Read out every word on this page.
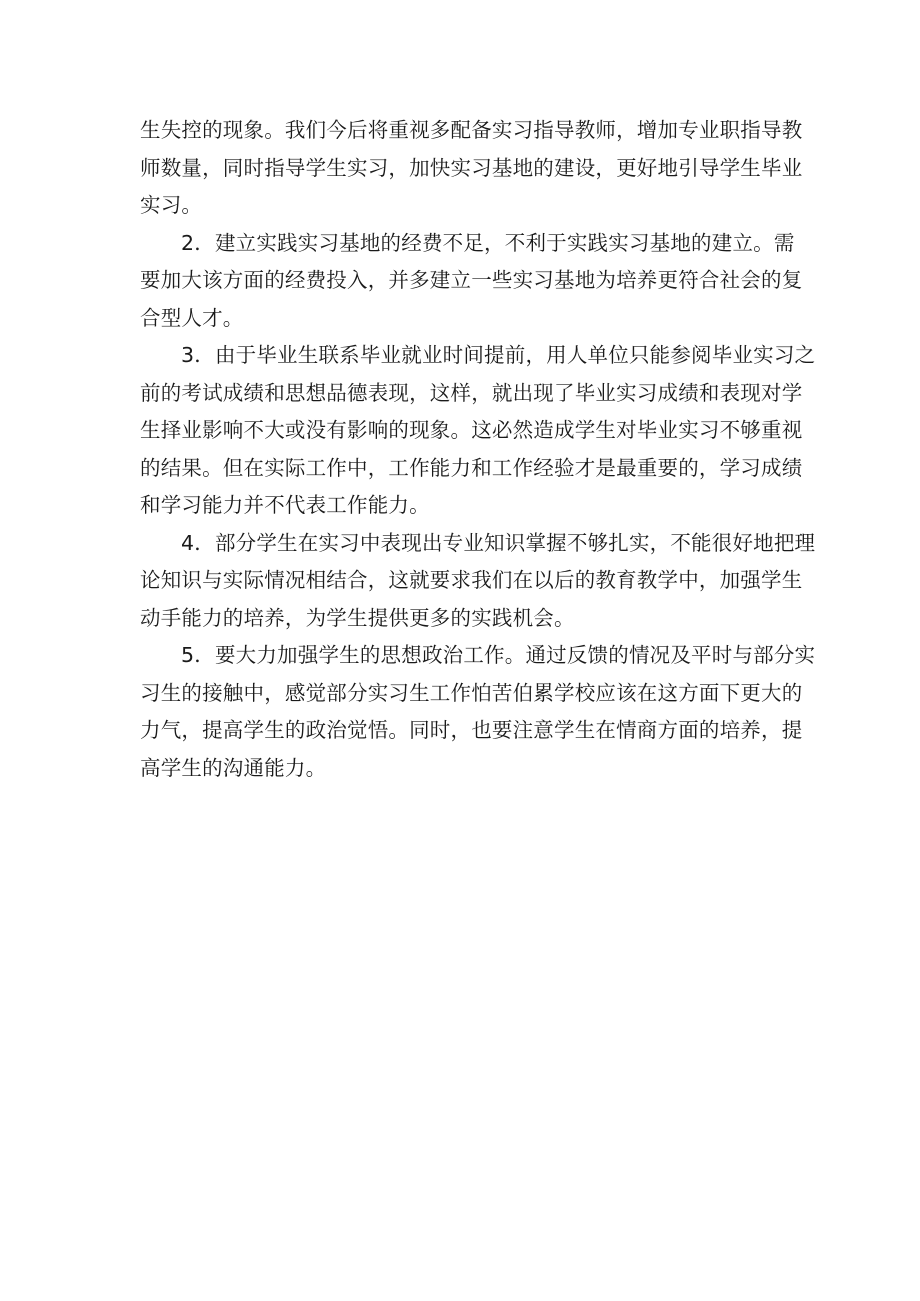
生失控的现象。我们今后将重视多配备实习指导教师，增加专业职指导教
师数量，同时指导学生实习，加快实习基地的建设，更好地引导学生毕业
实习。

2．建立实践实习基地的经费不足，不利于实践实习基地的建立。需
要加大该方面的经费投入，并多建立一些实习基地为培养更符合社会的复
合型人才。

3．由于毕业生联系毕业就业时间提前，用人单位只能参阅毕业实习之
前的考试成绩和思想品德表现，这样，就出现了毕业实习成绩和表现对学
生择业影响不大或没有影响的现象。这必然造成学生对毕业实习不够重视
的结果。但在实际工作中，工作能力和工作经验才是最重要的，学习成绩
和学习能力并不代表工作能力。

4．部分学生在实习中表现出专业知识掌握不够扎实，不能很好地把理
论知识与实际情况相结合，这就要求我们在以后的教育教学中，加强学生
动手能力的培养，为学生提供更多的实践机会。

5．要大力加强学生的思想政治工作。通过反馈的情况及平时与部分实
习生的接触中，感觉部分实习生工作怕苦伯累学校应该在这方面下更大的
力气，提高学生的政治觉悟。同时，也要注意学生在情商方面的培养，提
高学生的沟通能力。
